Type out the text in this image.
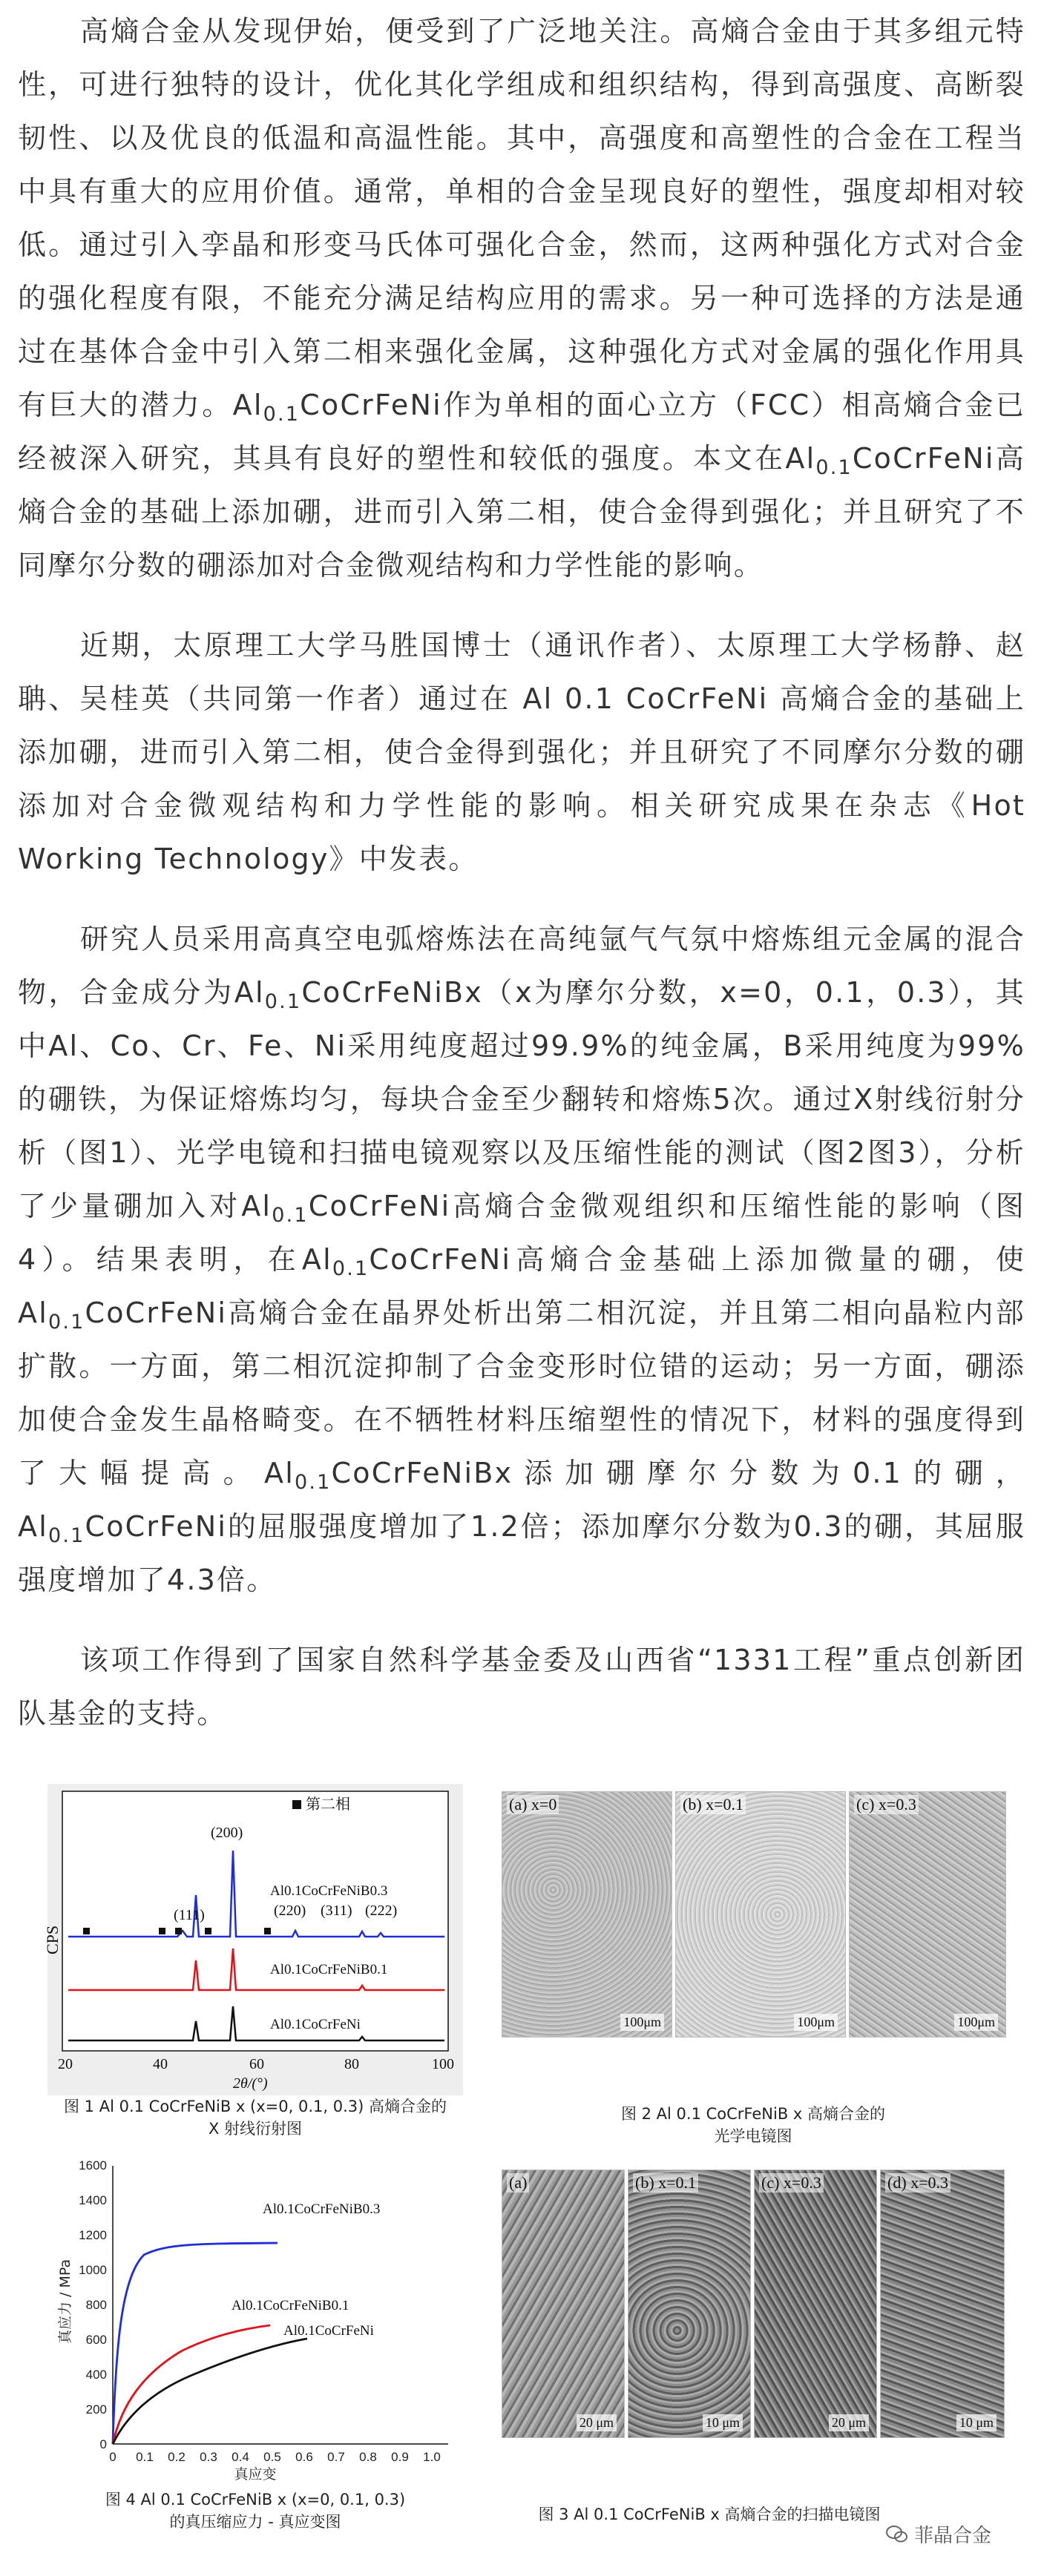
高熵合金从发现伊始，便受到了广泛地关注。高熵合金由于其多组元特性，可进行独特的设计，优化其化学组成和组织结构，得到高强度、高断裂韧性、以及优良的低温和高温性能。其中，高强度和高塑性的合金在工程当中具有重大的应用价值。通常，单相的合金呈现良好的塑性，强度却相对较低。通过引入孪晶和形变马氏体可强化合金，然而，这两种强化方式对合金的强化程度有限，不能充分满足结构应用的需求。另一种可选择的方法是通过在基体合金中引入第二相来强化金属，这种强化方式对金属的强化作用具有巨大的潜力。$Al_{0.1}CoCrFeNi$作为单相的面心立方（FCC）相高熵合金已经被深入研究，其具有良好的塑性和较低的强度。本文在$Al_{0.1}CoCrFeNi$高熵合金的基础上添加硼，进而引入第二相，使合金得到强化；并且研究了不同摩尔分数的硼添加对合金微观结构和力学性能的影响。

近期，太原理工大学马胜国博士（通讯作者）、太原理工大学杨静、赵聃、吴桂英（共同第一作者）通过在 Al 0.1 CoCrFeNi 高熵合金的基础上添加硼，进而引入第二相，使合金得到强化；并且研究了不同摩尔分数的硼添加对合金微观结构和力学性能的影响。相关研究成果在杂志《Hot Working Technology》中发表。

研究人员采用高真空电弧熔炼法在高纯氩气气氛中熔炼组元金属的混合物，合金成分为$Al_{0.1}CoCrFeNiBx(x$为摩尔分数，x=0，0.1，0.3），其中Al、Co、Cr、Fe、Ni采用纯度超过99.9%的纯金属，B采用纯度为99%的硼铁，为保证熔炼均匀，每块合金至少翻转和熔炼5次。通过X射线衍射分析（图1）、光学电镜和扫描电镜观察以及压缩性能的测试（图2图3），分析了少量硼加入对$Al_{0.1}CoCrFeNi$高熵合金微观组织和压缩性能的影响（图4）。结果表明，在$Al_{0.1}CoCrFeNi$高熵合金基础上添加微量的硼，使$Al_{0.1}CoCrFeNi$高熵合金在晶界处析出第二相沉淀，并且第二相向晶粒内部扩散。一方面，第二相沉淀抑制了合金变形时位错的运动；另一方面，硼添加使合金发生晶格畸变。在不牺牲材料压缩塑性的情况下，材料的强度得到了大幅提高。$Al_{0.1}CoCrFeNiBx$添加硼摩尔分数为0.1的硼，$Al_{0.1}CoCrFeNi$的屈服强度增加了1.2倍；添加摩尔分数为0.3的硼，其屈服强度增加了4.3倍。

该项工作得到了国家自然科学基金委及山西省“1331工程”重点创新团队基金的支持。

第二相
CPS
(111)
(200)
(220) (311) (222)
Al0.1CoCrFeNiB0.3
Al0.1CoCrFeNiB0.1
Al0.1CoCrFeNi
20	40	60	80	100
2θ/(°)
图 1 Al 0.1 CoCrFeNiB x (x=0, 0.1, 0.3) 高熵合金的
X 射线衍射图
(a) x=0
100μm
(b) x=0.1
100μm
(c) x=0.3
100μm
图 2 Al 0.1 CoCrFeNiB x 高熵合金的
光学电镜图
0
200
400
600
800
1000
1200
1400
1600
0 0.1 0.2 0.3 0.4 0.5 0.6 0.7 0.8 0.9 1.0
真应力 / MPa
真应变
Al0.1CoCrFeNiB0.3
Al0.1CoCrFeNiB0.1
Al0.1CoCrFeNi
图 4 Al 0.1 CoCrFeNiB x (x=0, 0.1, 0.3)
的真压缩应力 - 真应变图
(a)
20 μm
(b) x=0.1
10 μm
(c) x=0.3
20 μm
(d) x=0.3
10 μm
图 3 Al 0.1 CoCrFeNiB x 高熵合金的扫描电镜图
菲晶合金
